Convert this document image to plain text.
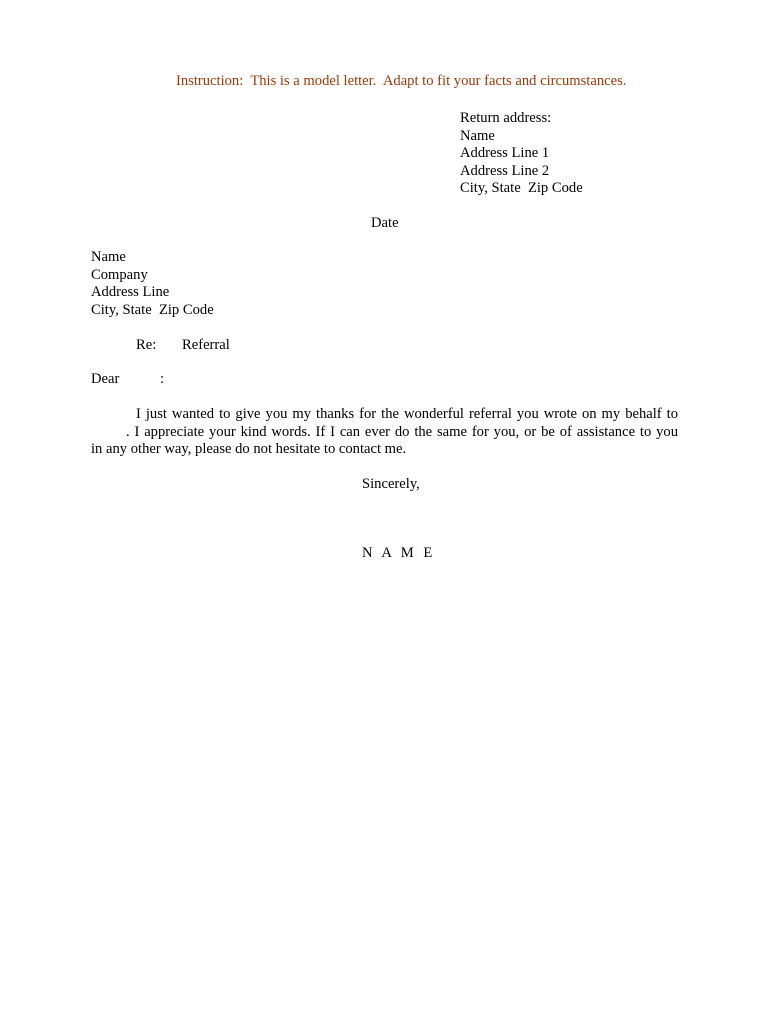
Instruction:  This is a model letter.  Adapt to fit your facts and circumstances.
Return address:
Name
Address Line 1
Address Line 2
City, State  Zip Code
Date
Name
Company
Address Line
City, State  Zip Code
Re: Referral
Dear	:
I just wanted to give you my thanks for the wonderful referral you wrote on my behalf to
. I appreciate your kind words. If I can ever do the same for you, or be of assistance to you
in any other way, please do not hesitate to contact me.
Sincerely,
N A M E
